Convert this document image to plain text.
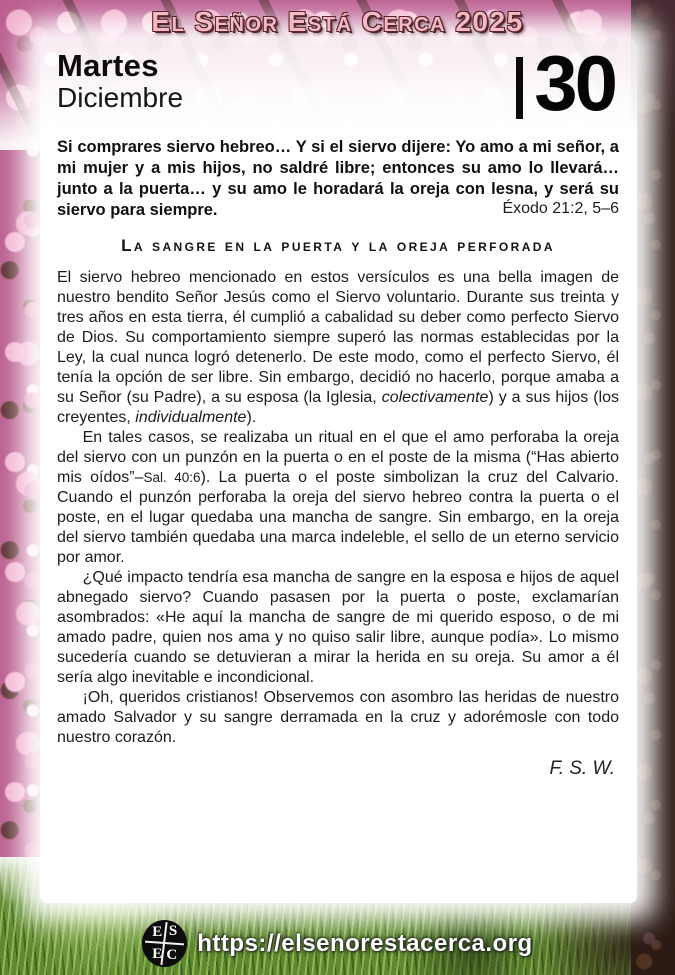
El Señor Está Cerca 2025
Martes
Diciembre	30
Si comprares siervo hebreo… Y si el siervo dijere: Yo amo a mi señor, a mi mujer y a mis hijos, no saldré libre; entonces su amo lo llevará… junto a la puerta… y su amo le horadará la oreja con lesna, y será su siervo para siempre.	Éxodo 21:2, 5–6
La sangre en la puerta y la oreja perforada

El siervo hebreo mencionado en estos versículos es una bella imagen de nuestro bendito Señor Jesús como el Siervo voluntario. Durante sus treinta y tres años en esta tierra, él cumplió a cabalidad su deber como perfecto Siervo de Dios. Su comportamiento siempre superó las normas establecidas por la Ley, la cual nunca logró detenerlo. De este modo, como el perfecto Siervo, él tenía la opción de ser libre. Sin embargo, decidió no hacerlo, porque amaba a su Señor (su Padre), a su esposa (la Iglesia, colectivamente) y a sus hijos (los creyentes, individualmente).

En tales casos, se realizaba un ritual en el que el amo perforaba la oreja del siervo con un punzón en la puerta o en el poste de la misma (“Has abierto mis oídos”–Sal. 40:6). La puerta o el poste simbolizan la cruz del Calvario. Cuando el punzón perforaba la oreja del siervo hebreo contra la puerta o el poste, en el lugar quedaba una mancha de sangre. Sin embargo, en la oreja del siervo también quedaba una marca indeleble, el sello de un eterno servicio por amor.

¿Qué impacto tendría esa mancha de sangre en la esposa e hijos de aquel abnegado siervo? Cuando pasasen por la puerta o poste, exclamarían asombrados: «He aquí la mancha de sangre de mi querido esposo, o de mi amado padre, quien nos ama y no quiso salir libre, aunque podía». Lo mismo sucedería cuando se detuvieran a mirar la herida en su oreja. Su amor a él sería algo inevitable e incondicional.

¡Oh, queridos cristianos! Observemos con asombro las heridas de nuestro amado Salvador y su sangre derramada en la cruz y adorémosle con todo nuestro corazón.

F. S. W.
E S
E C https://elsenorestacerca.org
